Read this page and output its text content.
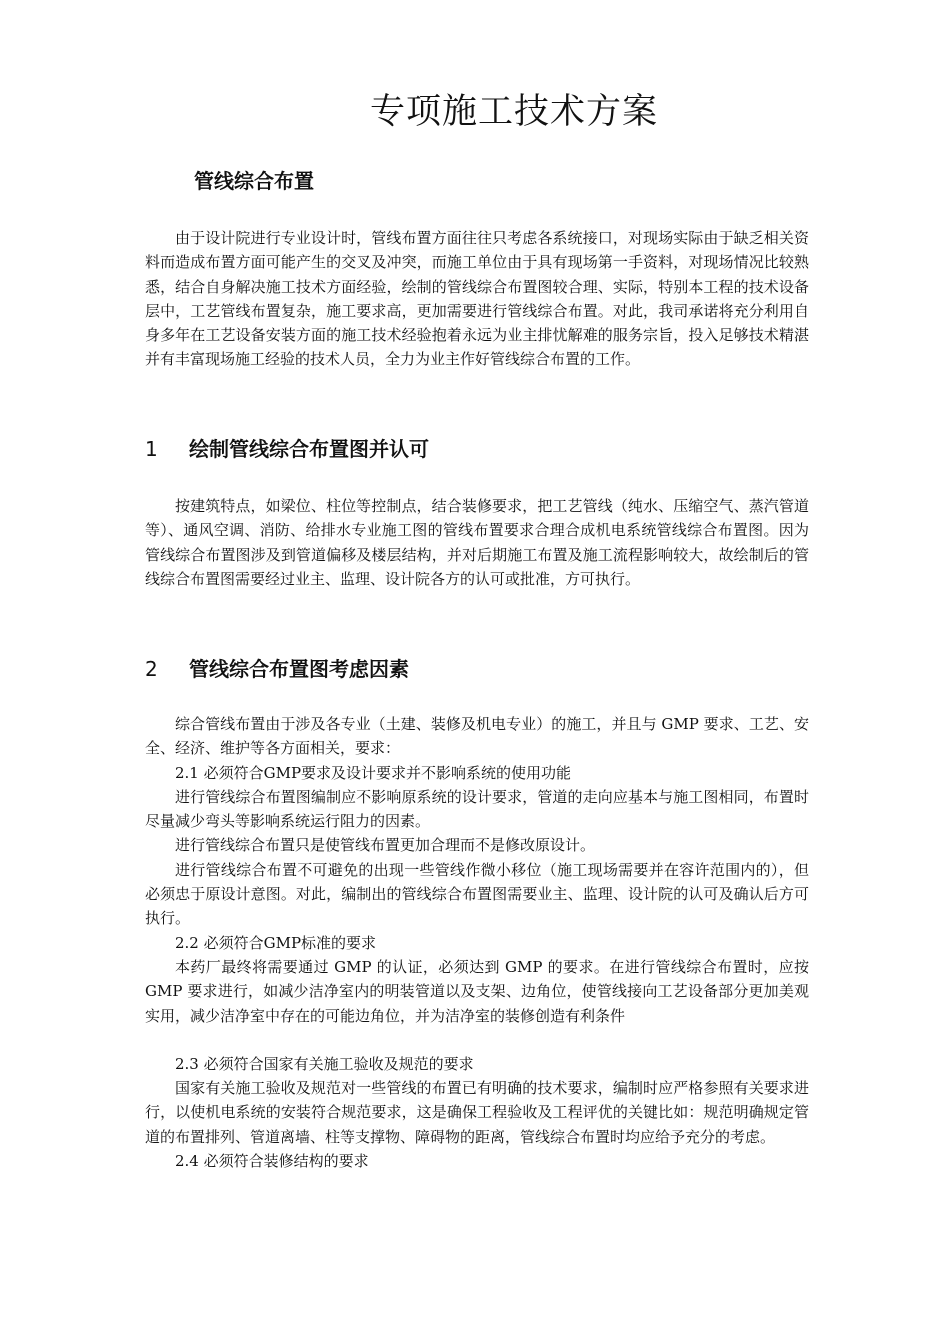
专项施工技术方案
管线综合布置

由于设计院进行专业设计时，管线布置方面往往只考虑各系统接口，对现场实际由于缺乏相关资料而造成布置方面可能产生的交叉及冲突，而施工单位由于具有现场第一手资料，对现场情况比较熟悉，结合自身解决施工技术方面经验，绘制的管线综合布置图较合理、实际，特别本工程的技术设备层中，工艺管线布置复杂，施工要求高，更加需要进行管线综合布置。对此，我司承诺将充分利用自身多年在工艺设备安装方面的施工技术经验抱着永远为业主排忧解难的服务宗旨，投入足够技术精湛并有丰富现场施工经验的技术人员，全力为业主作好管线综合布置的工作。

1 绘制管线综合布置图并认可

按建筑特点，如梁位、柱位等控制点，结合装修要求，把工艺管线（纯水、压缩空气、蒸汽管道等）、通风空调、消防、给排水专业施工图的管线布置要求合理合成机电系统管线综合布置图。因为管线综合布置图涉及到管道偏移及楼层结构，并对后期施工布置及施工流程影响较大，故绘制后的管线综合布置图需要经过业主、监理、设计院各方的认可或批准，方可执行。

2 管线综合布置图考虑因素

综合管线布置由于涉及各专业（土建、装修及机电专业）的施工，并且与 GMP 要求、工艺、安全、经济、维护等各方面相关，要求：

2.1 必须符合GMP要求及设计要求并不影响系统的使用功能

进行管线综合布置图编制应不影响原系统的设计要求，管道的走向应基本与施工图相同，布置时尽量减少弯头等影响系统运行阻力的因素。

进行管线综合布置只是使管线布置更加合理而不是修改原设计。

进行管线综合布置不可避免的出现一些管线作微小移位（施工现场需要并在容许范围内的），但必须忠于原设计意图。对此，编制出的管线综合布置图需要业主、监理、设计院的认可及确认后方可执行。

2.2 必须符合GMP标准的要求

本药厂最终将需要通过 GMP 的认证，必须达到 GMP 的要求。在进行管线综合布置时，应按 GMP 要求进行，如减少洁净室内的明装管道以及支架、边角位，使管线接向工艺设备部分更加美观实用，减少洁净室中存在的可能边角位，并为洁净室的装修创造有利条件

2.3 必须符合国家有关施工验收及规范的要求

国家有关施工验收及规范对一些管线的布置已有明确的技术要求，编制时应严格参照有关要求进行，以使机电系统的安装符合规范要求，这是确保工程验收及工程评优的关键比如：规范明确规定管道的布置排列、管道离墙、柱等支撑物、障碍物的距离，管线综合布置时均应给予充分的考虑。

2.4 必须符合装修结构的要求
